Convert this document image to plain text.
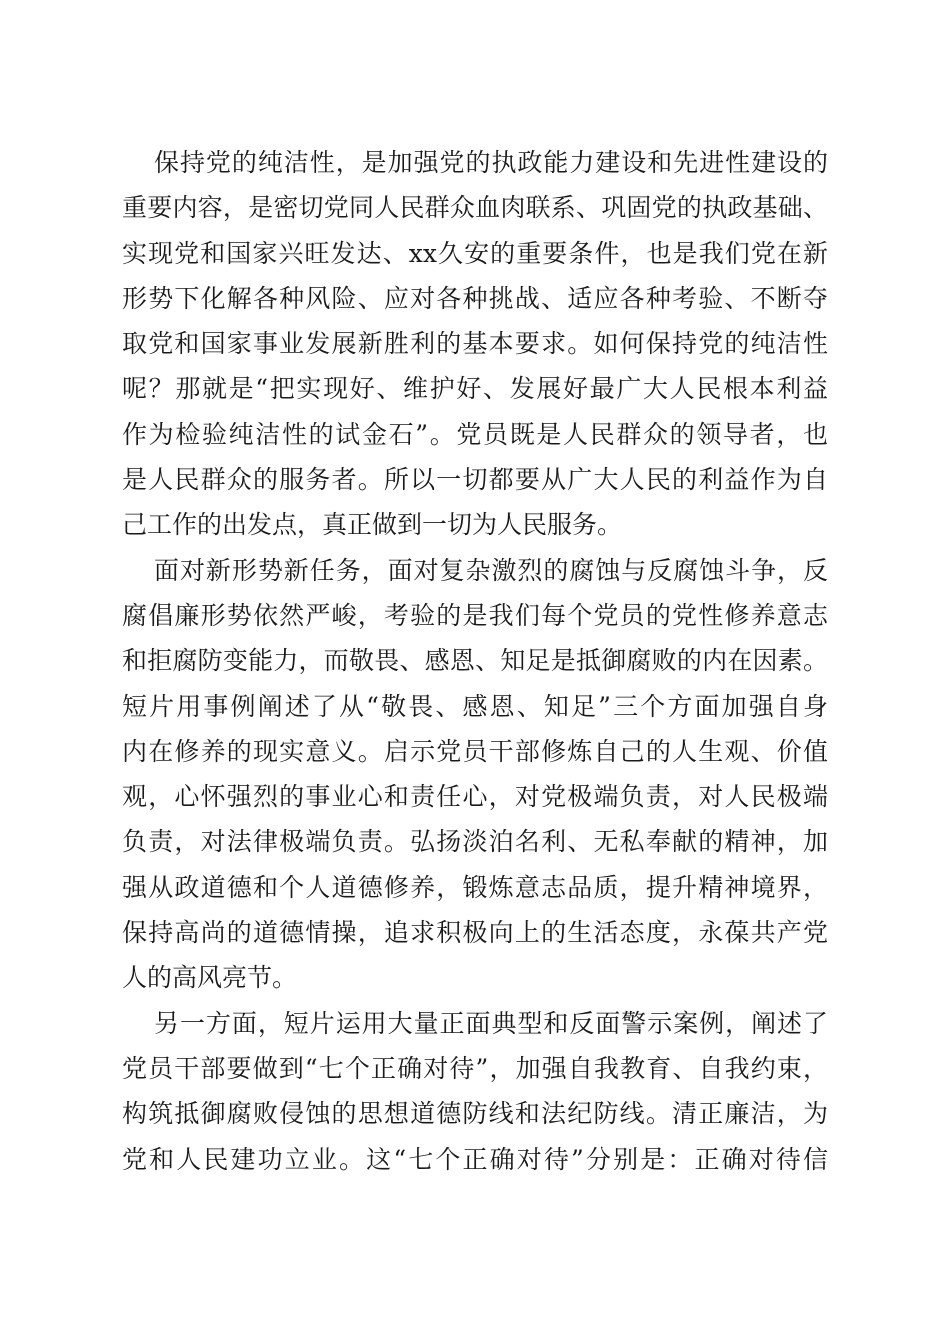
保持党的纯洁性，是加强党的执政能力建设和先进性建设的
重要内容，是密切党同人民群众血肉联系、巩固党的执政基础、
实现党和国家兴旺发达、xx久安的重要条件，也是我们党在新
形势下化解各种风险、应对各种挑战、适应各种考验、不断夺
取党和国家事业发展新胜利的基本要求。如何保持党的纯洁性
呢？那就是“把实现好、维护好、发展好最广大人民根本利益
作为检验纯洁性的试金石”。党员既是人民群众的领导者，也
是人民群众的服务者。所以一切都要从广大人民的利益作为自
己工作的出发点，真正做到一切为人民服务。
面对新形势新任务，面对复杂激烈的腐蚀与反腐蚀斗争，反
腐倡廉形势依然严峻，考验的是我们每个党员的党性修养意志
和拒腐防变能力，而敬畏、感恩、知足是抵御腐败的内在因素。
短片用事例阐述了从“敬畏、感恩、知足”三个方面加强自身
内在修养的现实意义。启示党员干部修炼自己的人生观、价值
观，心怀强烈的事业心和责任心，对党极端负责，对人民极端
负责，对法律极端负责。弘扬淡泊名利、无私奉献的精神，加
强从政道德和个人道德修养，锻炼意志品质，提升精神境界，
保持高尚的道德情操，追求积极向上的生活态度，永葆共产党
人的高风亮节。
另一方面，短片运用大量正面典型和反面警示案例，阐述了
党员干部要做到“七个正确对待”，加强自我教育、自我约束，
构筑抵御腐败侵蚀的思想道德防线和法纪防线。清正廉洁，为
党和人民建功立业。这“七个正确对待”分别是：正确对待信
